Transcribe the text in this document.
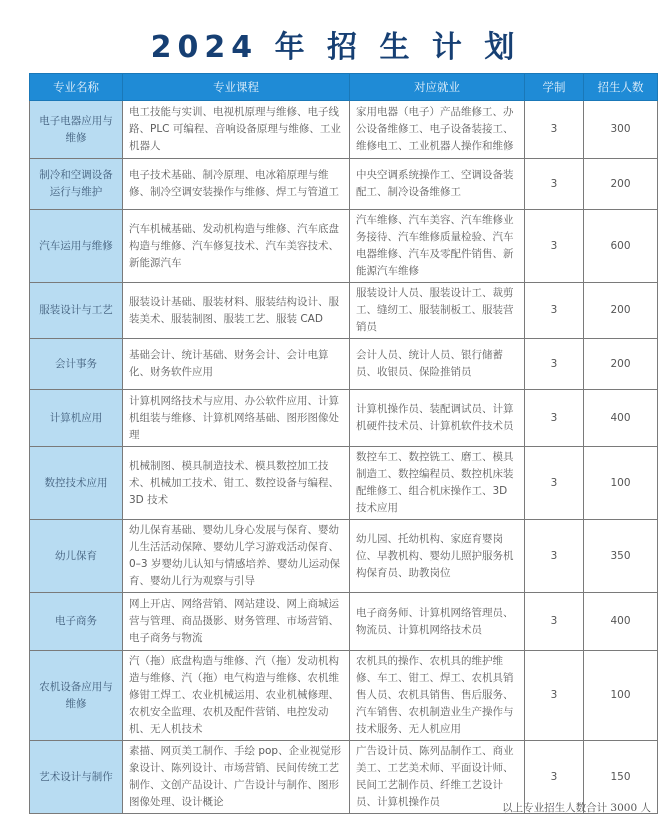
2024 年 招 生 计 划
专业名称	专业课程	对应就业	学制	招生人数
电子电器应用与维修	电工技能与实训、电视机原理与维修、电子线路、PLC 可编程、音响设备原理与维修、工业机器人	家用电器（电子）产品维修工、办公设备维修工、电子设备装接工、维修电工、工业机器人操作和维修	3	300
制冷和空调设备运行与维护	电子技术基础、制冷原理、电冰箱原理与维修、制冷空调安装操作与维修、焊工与管道工	中央空调系统操作工、空调设备装配工、制冷设备维修工	3	200
汽车运用与维修	汽车机械基础、发动机构造与维修、汽车底盘构造与维修、汽车修复技术、汽车美容技术、新能源汽车	汽车维修、汽车美容、汽车维修业务接待、汽车维修质量检验、汽车电器维修、汽车及零配件销售、新能源汽车维修	3	600
服装设计与工艺	服装设计基础、服装材料、服装结构设计、服装美术、服装制图、服装工艺、服装 CAD	服装设计人员、服装设计工、裁剪工、缝纫工、服装制板工、服装营销员	3	200
会计事务	基础会计、统计基础、财务会计、会计电算化、财务软件应用	会计人员、统计人员、银行储蓄员、收银员、保险推销员	3	200
计算机应用	计算机网络技术与应用、办公软件应用、计算机组装与维修、计算机网络基础、图形图像处理	计算机操作员、装配调试员、计算机硬件技术员、计算机软件技术员	3	400
数控技术应用	机械制图、模具制造技术、模具数控加工技术、机械加工技术、钳工、数控设备与编程、3D 技术	数控车工、数控铣工、磨工、模具制造工、数控编程员、数控机床装配维修工、组合机床操作工、3D 技术应用	3	100
幼儿保育	幼儿保育基础、婴幼儿身心发展与保育、婴幼儿生活活动保障、婴幼儿学习游戏活动保育、0–3 岁婴幼儿认知与情感培养、婴幼儿运动保育、婴幼儿行为观察与引导	幼儿园、托幼机构、家庭育婴岗位、早教机构、婴幼儿照护服务机构保育员、助教岗位	3	350
电子商务	网上开店、网络营销、网站建设、网上商城运营与管理、商品摄影、财务管理、市场营销、电子商务与物流	电子商务师、计算机网络管理员、物流员、计算机网络技术员	3	400
农机设备应用与维修	汽（拖）底盘构造与维修、汽（拖）发动机构造与维修、汽（拖）电气构造与维修、农机维修钳工焊工、农业机械运用、农业机械修理、农机安全监理、农机及配件营销、电控发动机、无人机技术	农机具的操作、农机具的维护维修、车工、钳工、焊工、农机具销售人员、农机具销售、售后服务、汽车销售、农机制造业生产操作与技术服务、无人机应用	3	100
艺术设计与制作	素描、网页美工制作、手绘 pop、企业视觉形象设计、陈列设计、市场营销、民间传统工艺制作、文创产品设计、广告设计与制作、图形图像处理、设计概论	广告设计员、陈列品制作工、商业美工、工艺美术师、平面设计师、民间工艺制作员、纤维工艺设计员、计算机操作员	3	150
以上专业招生人数合计 3000 人
